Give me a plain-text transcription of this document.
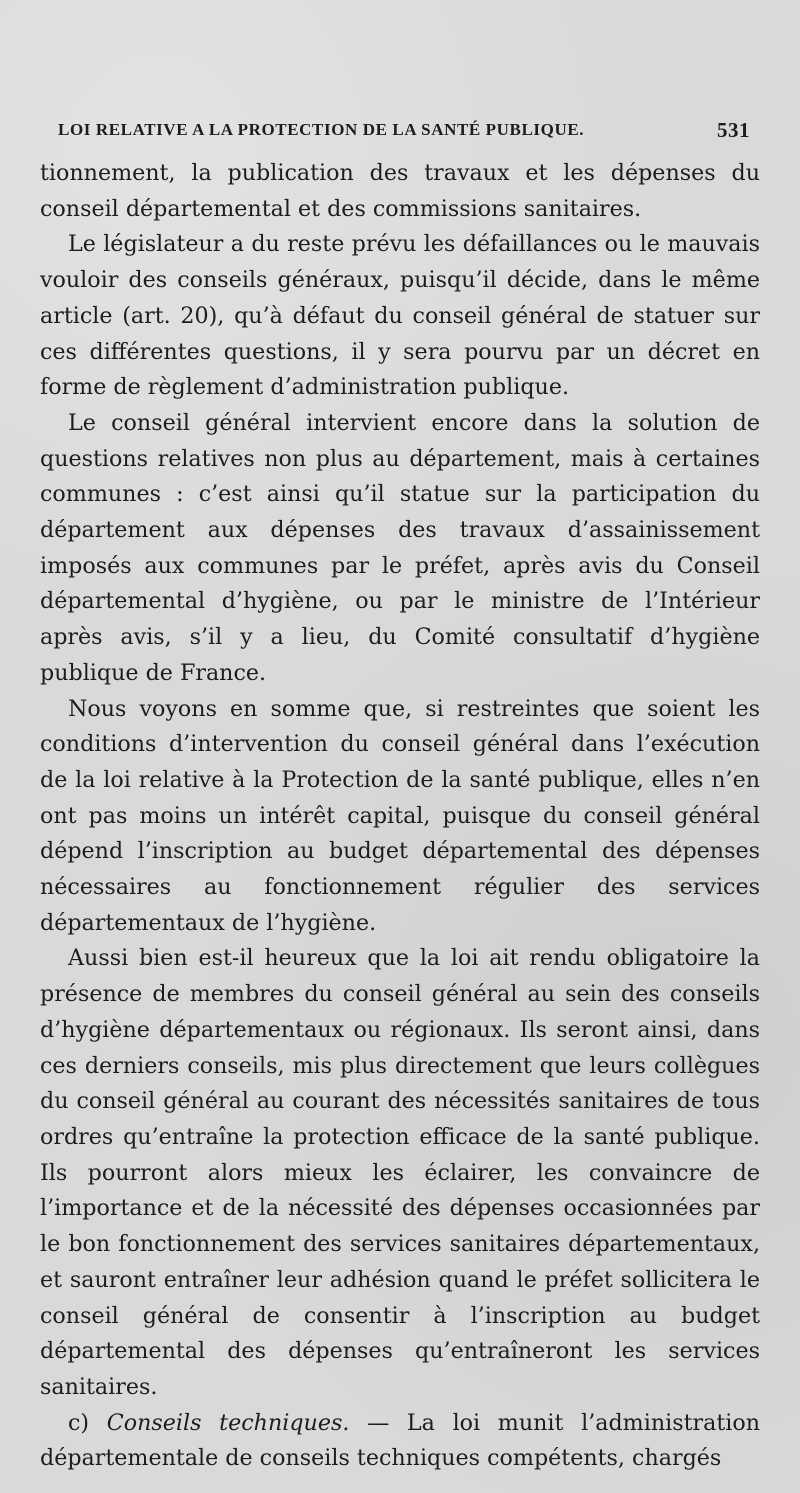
LOI RELATIVE A LA PROTECTION DE LA SANTÉ PUBLIQUE.	531

tionnement, la publication des travaux et les dépenses du conseil départemental et des commissions sanitaires.

Le législateur a du reste prévu les défaillances ou le mauvais vouloir des conseils généraux, puisqu’il décide, dans le même article (art. 20), qu’à défaut du conseil général de statuer sur ces différentes questions, il y sera pourvu par un décret en forme de règlement d’administration publique.

Le conseil général intervient encore dans la solution de questions relatives non plus au département, mais à certaines communes : c’est ainsi qu’il statue sur la participation du département aux dépenses des travaux d’assainissement imposés aux communes par le préfet, après avis du Conseil départemental d’hygiène, ou par le ministre de l’Intérieur après avis, s’il y a lieu, du Comité consultatif d’hygiène publique de France.

Nous voyons en somme que, si restreintes que soient les conditions d’intervention du conseil général dans l’exécution de la loi relative à la Protection de la santé publique, elles n’en ont pas moins un intérêt capital, puisque du conseil général dépend l’inscription au budget départemental des dépenses nécessaires au fonctionnement régulier des services départementaux de l’hygiène.

Aussi bien est-il heureux que la loi ait rendu obligatoire la présence de membres du conseil général au sein des conseils d’hygiène départementaux ou régionaux. Ils seront ainsi, dans ces derniers conseils, mis plus directement que leurs collègues du conseil général au courant des nécessités sanitaires de tous ordres qu’entraîne la protection efficace de la santé publique. Ils pourront alors mieux les éclairer, les convaincre de l’importance et de la nécessité des dépenses occasionnées par le bon fonctionnement des services sanitaires départementaux, et sauront entraîner leur adhésion quand le préfet sollicitera le conseil général de consentir à l’inscription au budget départemental des dépenses qu’entraîneront les services sanitaires.

c) Conseils techniques. — La loi munit l’administration départementale de conseils techniques compétents, chargés
